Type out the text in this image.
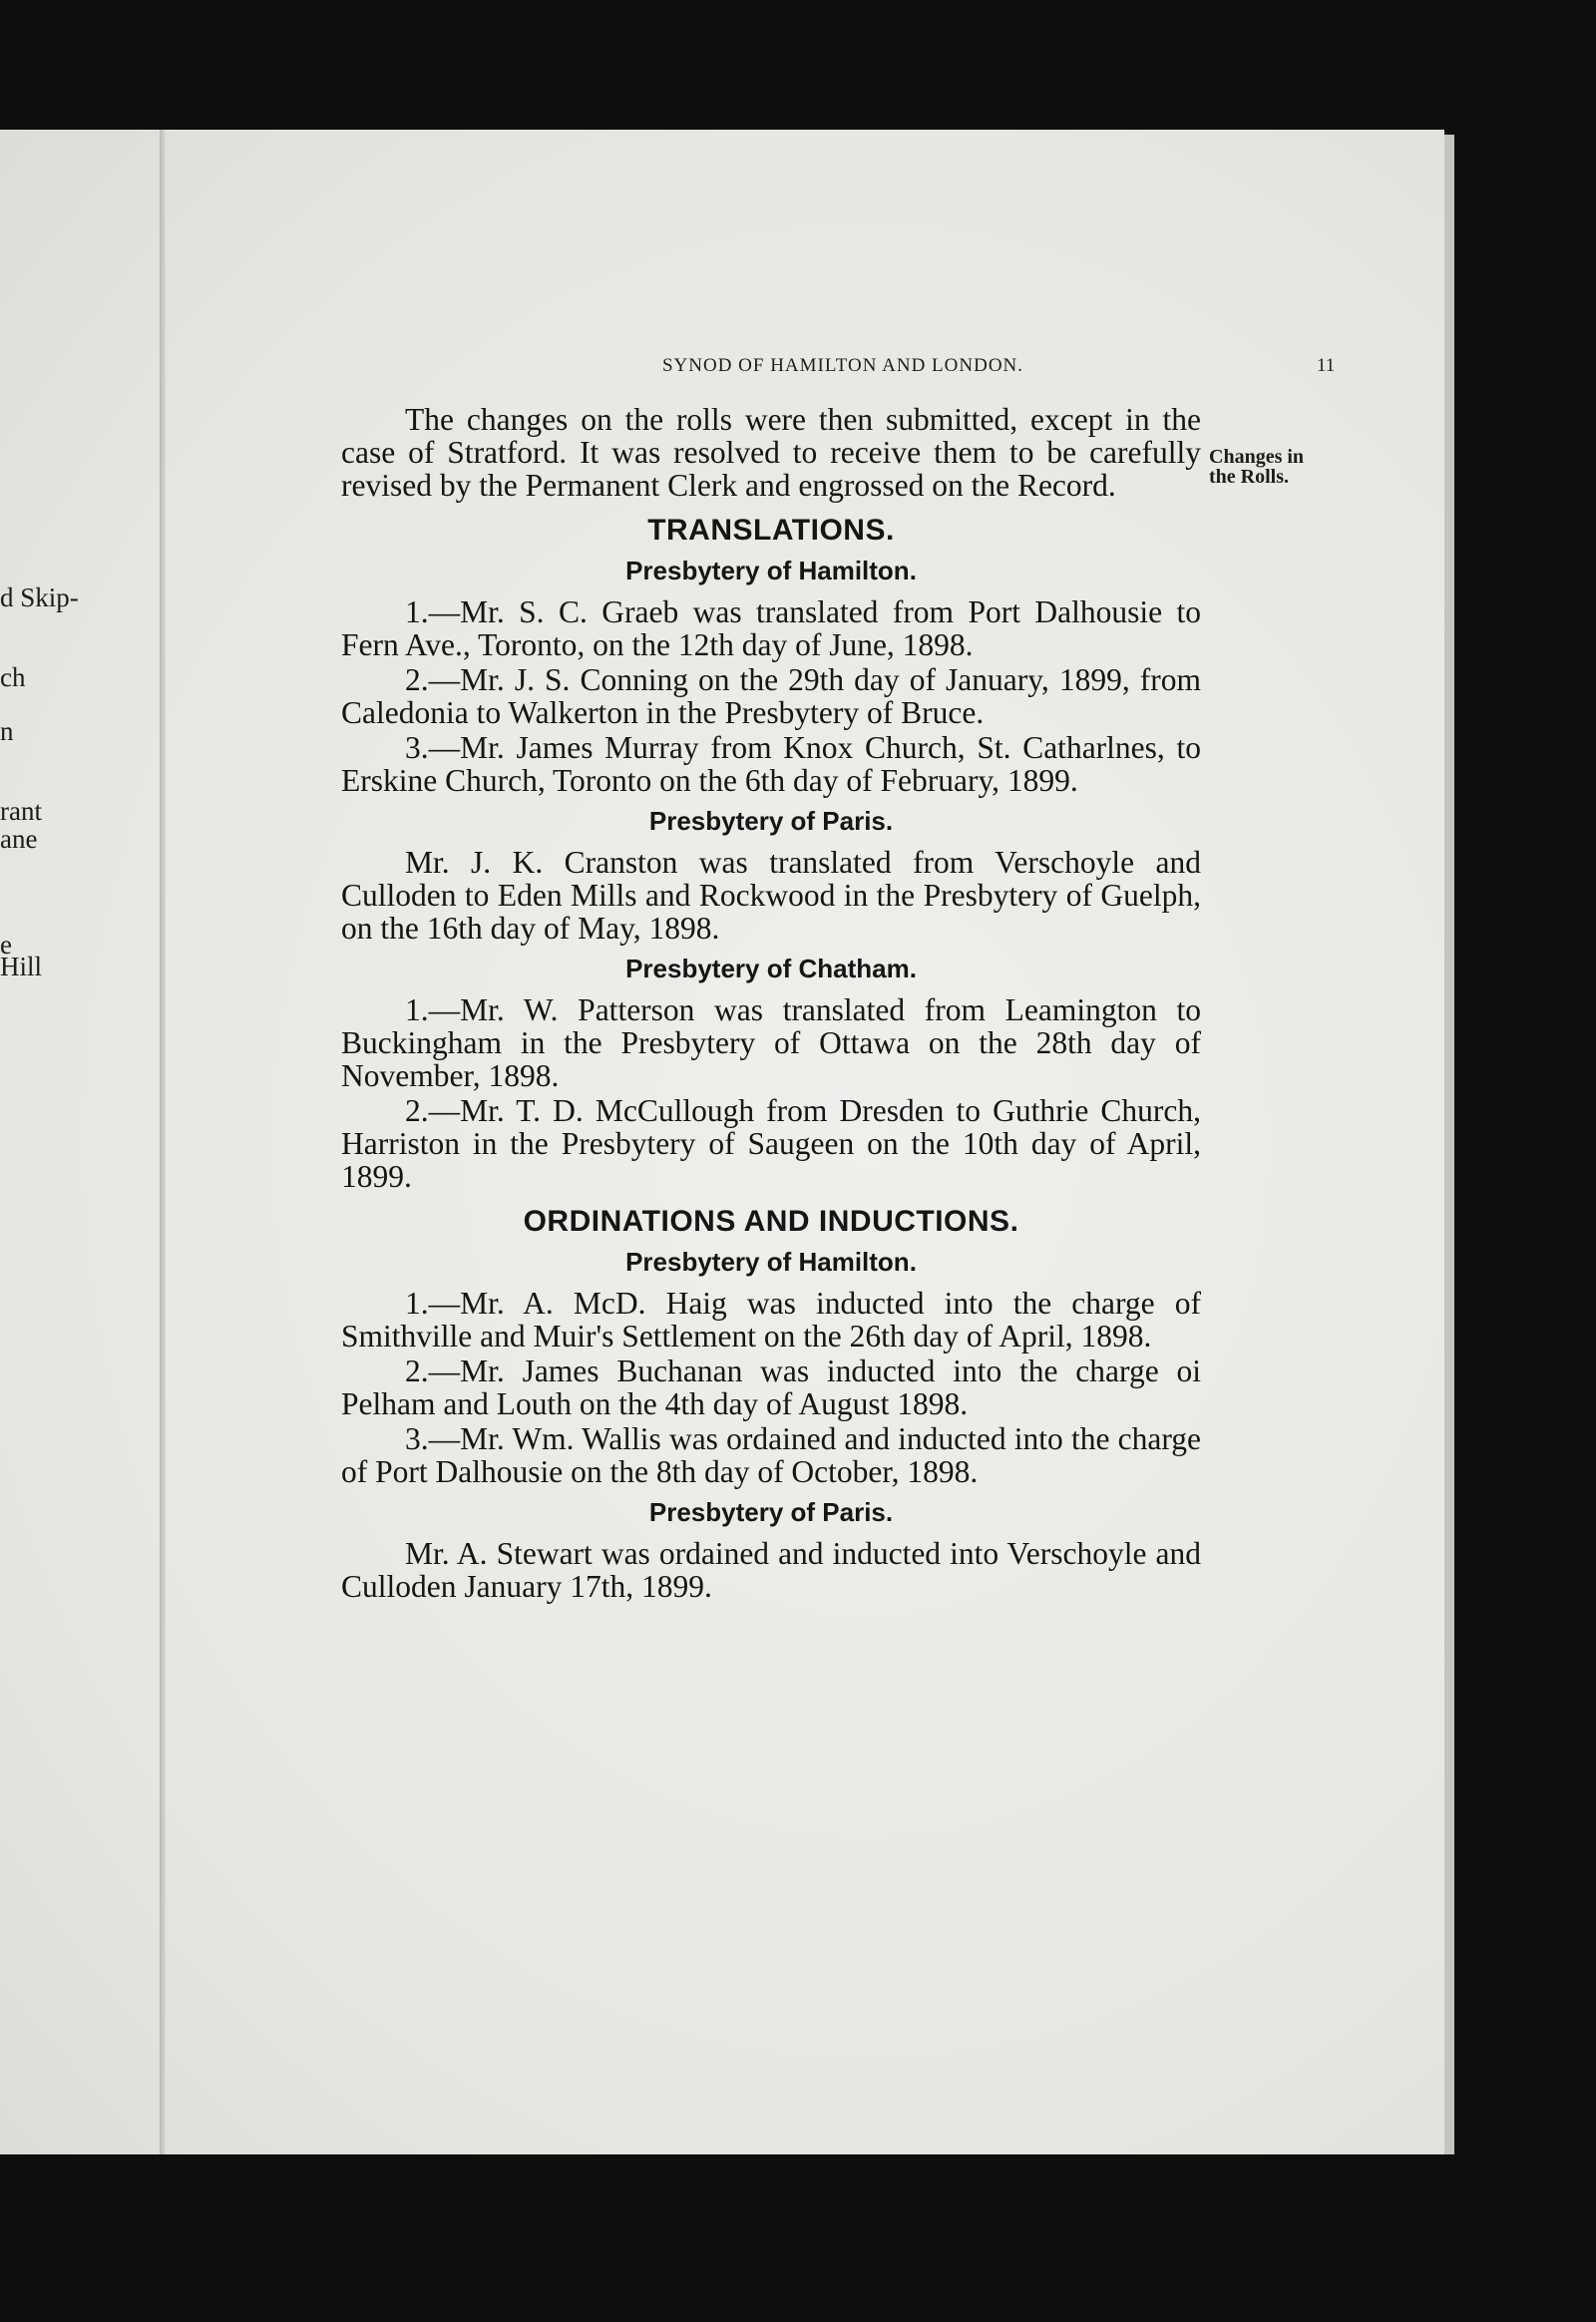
d Skip-
ch
n
rant
ane
e
Hill
SYNOD OF HAMILTON AND LONDON.	11
Changes in the Rolls.

The changes on the rolls were then submitted, except in the case of Stratford. It was resolved to receive them to be carefully revised by the Permanent Clerk and engrossed on the Record.

TRANSLATIONS.
Presbytery of Hamilton.

1.—Mr. S. C. Graeb was translated from Port Dalhousie to Fern Ave., Toronto, on the 12th day of June, 1898.

2.—Mr. J. S. Conning on the 29th day of January, 1899, from Caledonia to Walkerton in the Presbytery of Bruce.

3.—Mr. James Murray from Knox Church, St. Catharlnes, to Erskine Church, Toronto on the 6th day of February, 1899.

Presbytery of Paris.

Mr. J. K. Cranston was translated from Verschoyle and Culloden to Eden Mills and Rockwood in the Presbytery of Guelph, on the 16th day of May, 1898.

Presbytery of Chatham.

1.—Mr. W. Patterson was translated from Leamington to Buckingham in the Presbytery of Ottawa on the 28th day of November, 1898.

2.—Mr. T. D. McCullough from Dresden to Guthrie Church, Harriston in the Presbytery of Saugeen on the 10th day of April, 1899.

ORDINATIONS AND INDUCTIONS.
Presbytery of Hamilton.

1.—Mr. A. McD. Haig was inducted into the charge of Smithville and Muir's Settlement on the 26th day of April, 1898.

2.—Mr. James Buchanan was inducted into the charge oi Pelham and Louth on the 4th day of August 1898.

3.—Mr. Wm. Wallis was ordained and inducted into the charge of Port Dalhousie on the 8th day of October, 1898.

Presbytery of Paris.

Mr. A. Stewart was ordained and inducted into Verschoyle and Culloden January 17th, 1899.
